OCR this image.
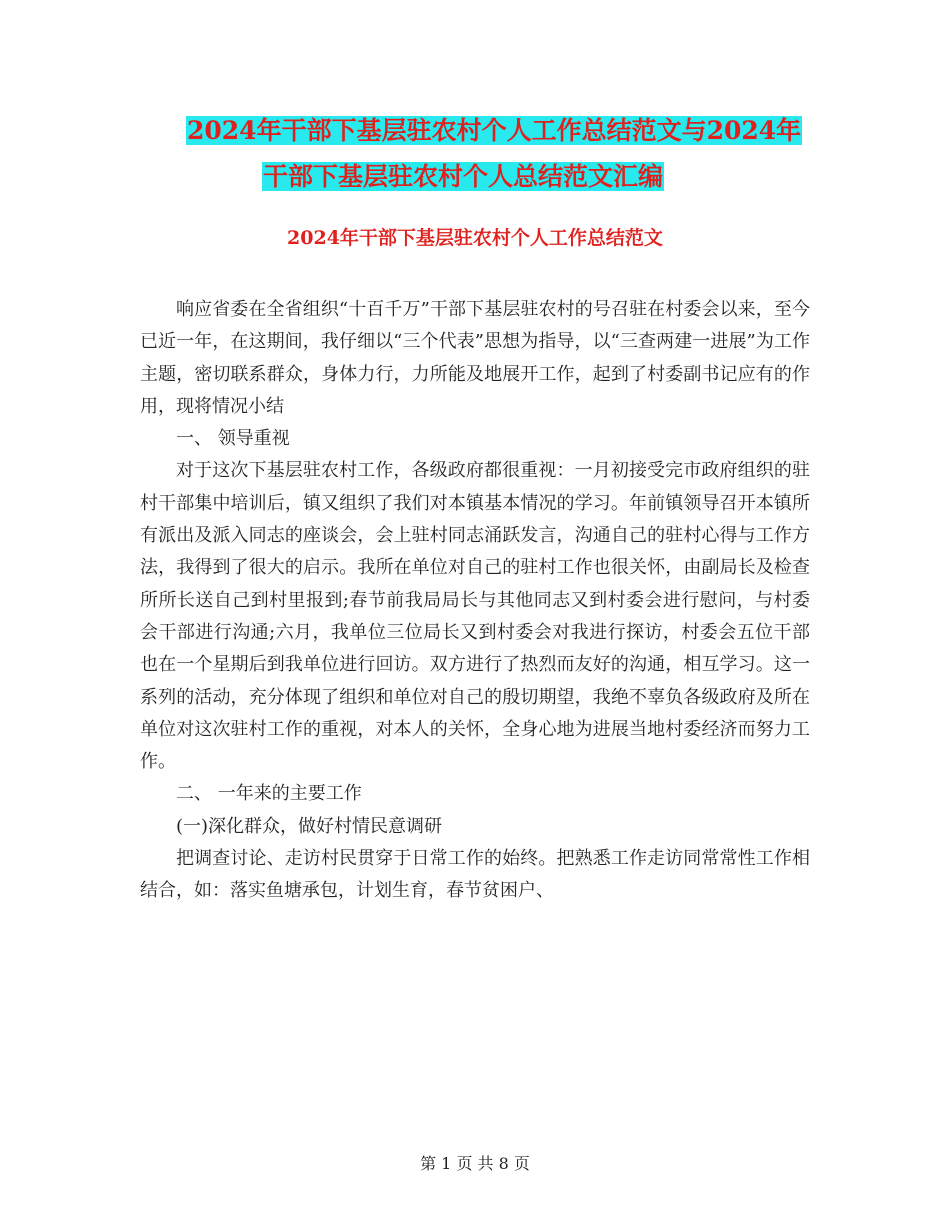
2024年干部下基层驻农村个人工作总结范文与2024年
干部下基层驻农村个人总结范文汇编
2024年干部下基层驻农村个人工作总结范文

响应省委在全省组织“十百千万”干部下基层驻农村的号召驻在村委会以来，至今已近一年，在这期间，我仔细以“三个代表”思想为指导，以“三查两建一进展”为工作主题，密切联系群众，身体力行，力所能及地展开工作，起到了村委副书记应有的作用，现将情况小结

一、 领导重视

对于这次下基层驻农村工作，各级政府都很重视：一月初接受完市政府组织的驻村干部集中培训后，镇又组织了我们对本镇基本情况的学习。年前镇领导召开本镇所有派出及派入同志的座谈会，会上驻村同志涌跃发言，沟通自己的驻村心得与工作方法，我得到了很大的启示。我所在单位对自己的驻村工作也很关怀，由副局长及检查所所长送自己到村里报到;春节前我局局长与其他同志又到村委会进行慰问，与村委会干部进行沟通;六月，我单位三位局长又到村委会对我进行探访，村委会五位干部也在一个星期后到我单位进行回访。双方进行了热烈而友好的沟通，相互学习。这一系列的活动，充分体现了组织和单位对自己的殷切期望，我绝不辜负各级政府及所在单位对这次驻村工作的重视，对本人的关怀，全身心地为进展当地村委经济而努力工作。

二、 一年来的主要工作

(一)深化群众，做好村情民意调研

把调查讨论、走访村民贯穿于日常工作的始终。把熟悉工作走访同常常性工作相结合，如：落实鱼塘承包，计划生育，春节贫困户、

第 1 页 共 8 页
